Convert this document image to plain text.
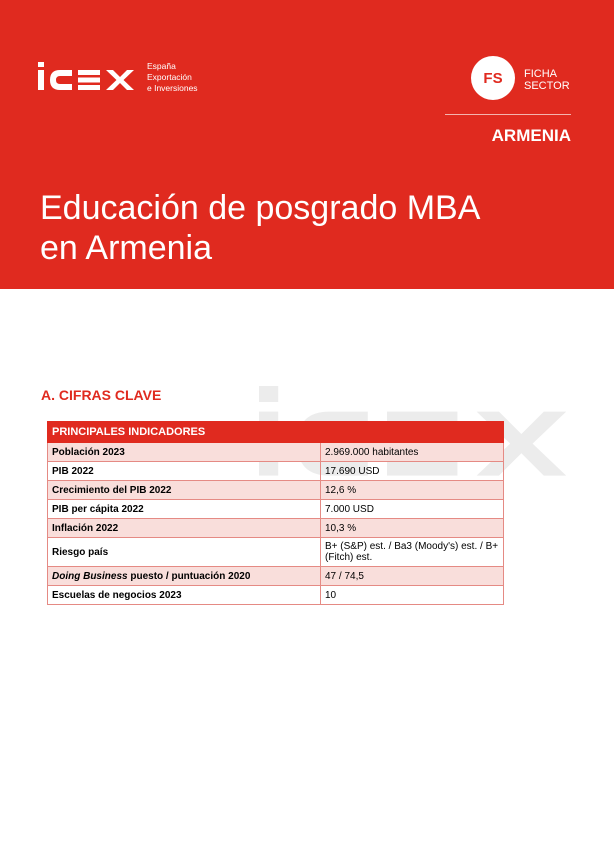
España
Exportación
e Inversiones
FS	FICHA
SECTOR
ARMENIA
Educación de posgrado MBA
en Armenia
A. CIFRAS CLAVE
PRINCIPALES INDICADORES	
Población 2023	2.969.000 habitantes
PIB 2022	17.690 USD
Crecimiento del PIB 2022	12,6 %
PIB per cápita 2022	7.000 USD
Inflación 2022	10,3 %
Riesgo país	B+ (S&P) est. / Ba3 (Moody's) est. / B+ (Fitch) est.
Doing Business puesto / puntuación 2020	47 / 74,5
Escuelas de negocios 2023	10
